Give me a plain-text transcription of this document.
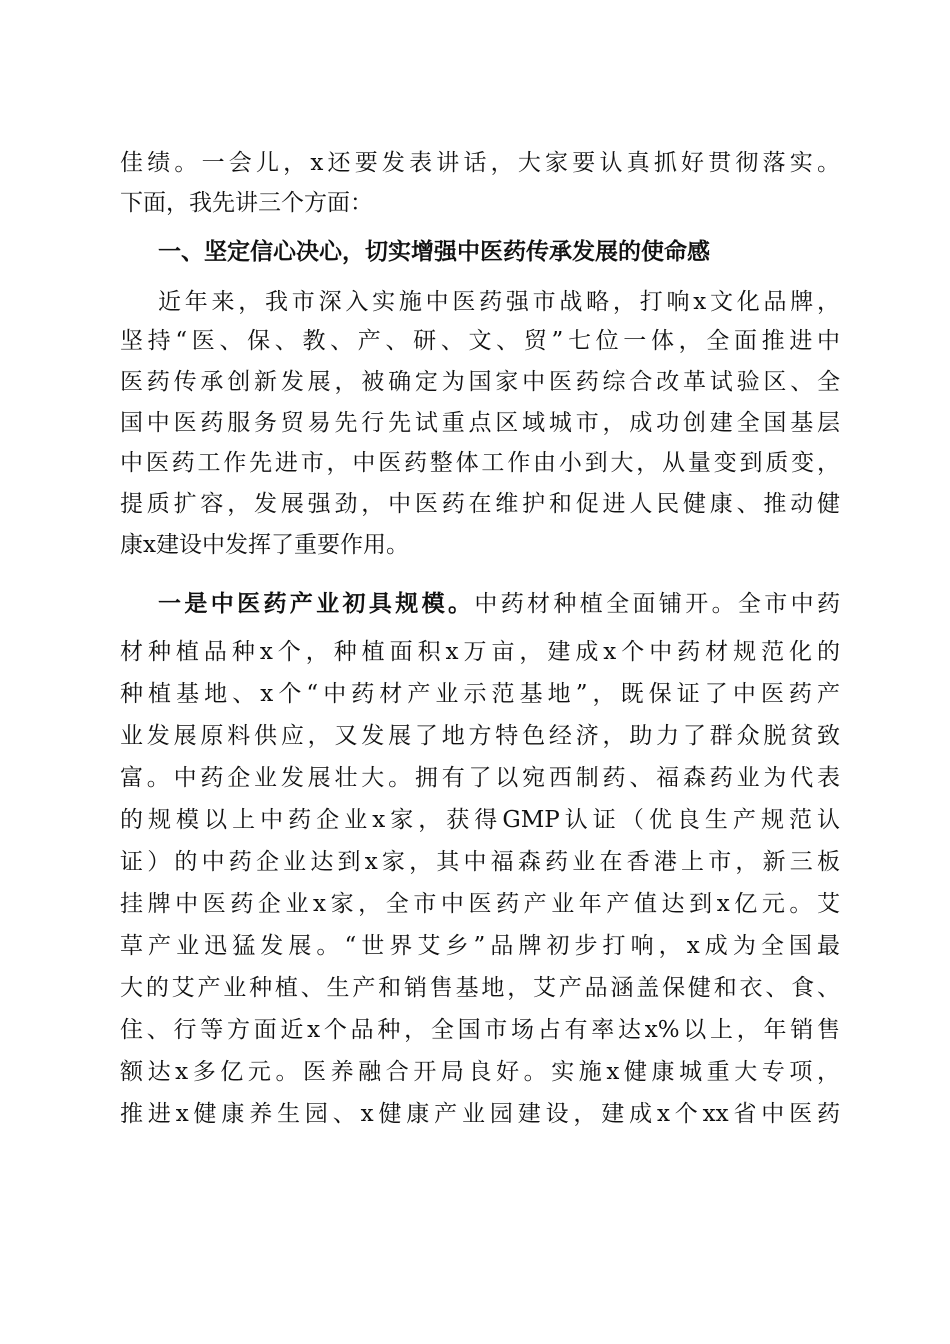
佳绩。一会儿，x还要发表讲话，大家要认真抓好贯彻落实。
下面，我先讲三个方面：
一、坚定信心决心，切实增强中医药传承发展的使命感
近年来，我市深入实施中医药强市战略，打响x文化品牌，
坚持“医、保、教、产、研、文、贸”七位一体，全面推进中
医药传承创新发展，被确定为国家中医药综合改革试验区、全
国中医药服务贸易先行先试重点区域城市，成功创建全国基层
中医药工作先进市，中医药整体工作由小到大，从量变到质变，
提质扩容，发展强劲，中医药在维护和促进人民健康、推动健
康x建设中发挥了重要作用。
一是中医药产业初具规模。中药材种植全面铺开。全市中药
材种植品种x个，种植面积x万亩，建成x个中药材规范化的
种植基地、x个“中药材产业示范基地”，既保证了中医药产
业发展原料供应，又发展了地方特色经济，助力了群众脱贫致
富。中药企业发展壮大。拥有了以宛西制药、福森药业为代表
的规模以上中药企业x家，获得GMP认证（优良生产规范认
证）的中药企业达到x家，其中福森药业在香港上市，新三板
挂牌中医药企业x家，全市中医药产业年产值达到x亿元。艾
草产业迅猛发展。“世界艾乡”品牌初步打响，x成为全国最
大的艾产业种植、生产和销售基地，艾产品涵盖保健和衣、食、
住、行等方面近x个品种，全国市场占有率达x%以上，年销售
额达x多亿元。医养融合开局良好。实施x健康城重大专项，
推进x健康养生园、x健康产业园建设，建成x个xx省中医药
